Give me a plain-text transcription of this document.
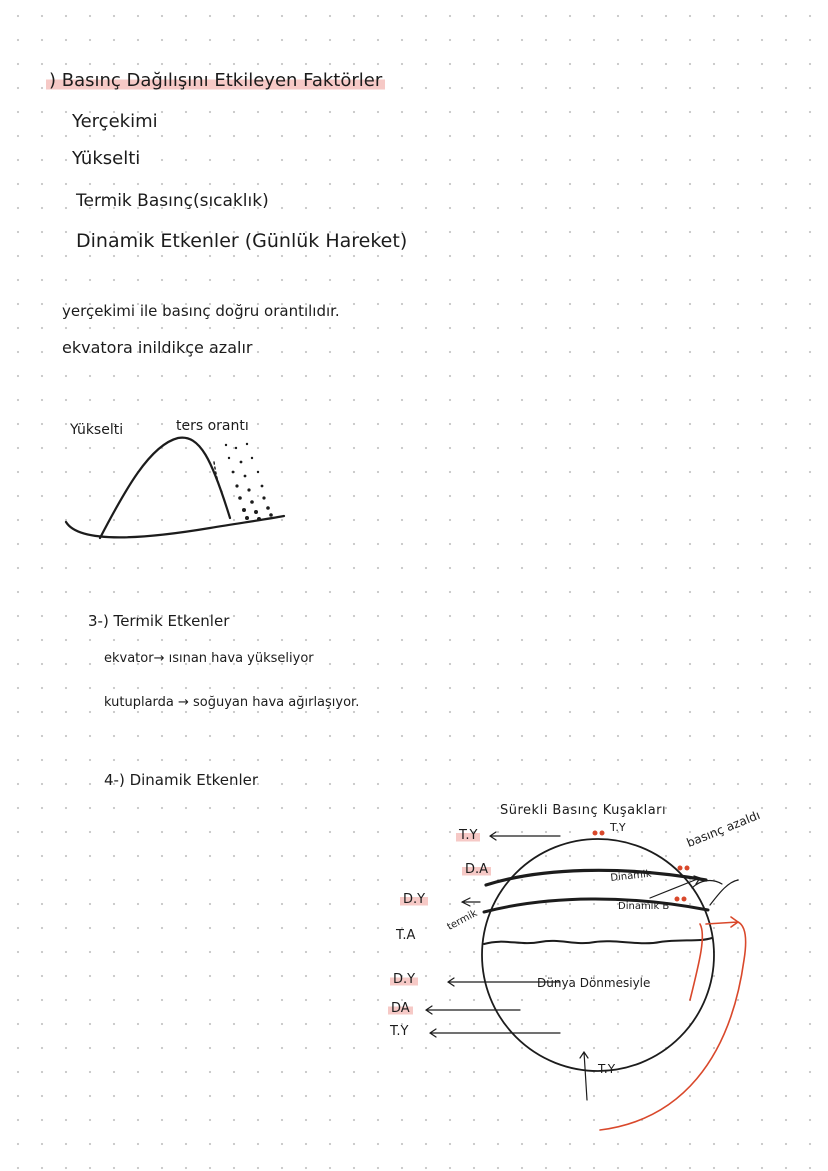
) Basınç Dağılışını Etkileyen Faktörler
Yerçekimi
Yükselti
Termik Basınç(sıcaklık)
Dinamik Etkenler (Günlük Hareket)
yerçekimi ile basınç doğru orantılıdır.
ekvatora inildikçe azalır
Yükselti	ters orantı
3-) Termik Etkenler
ekvator→ ısınan hava yükseliyor
kutuplarda → soğuyan hava ağırlaşıyor.
4-) Dinamik Etkenler
Sürekli Basınç Kuşakları
T.Y	basınç azaldı
T.Y
D.A
D.Y
T.A
termik
D.Y
DA
T.Y
Dinamik
Dinamik B
Dünya Dönmesiyle
T.Y
